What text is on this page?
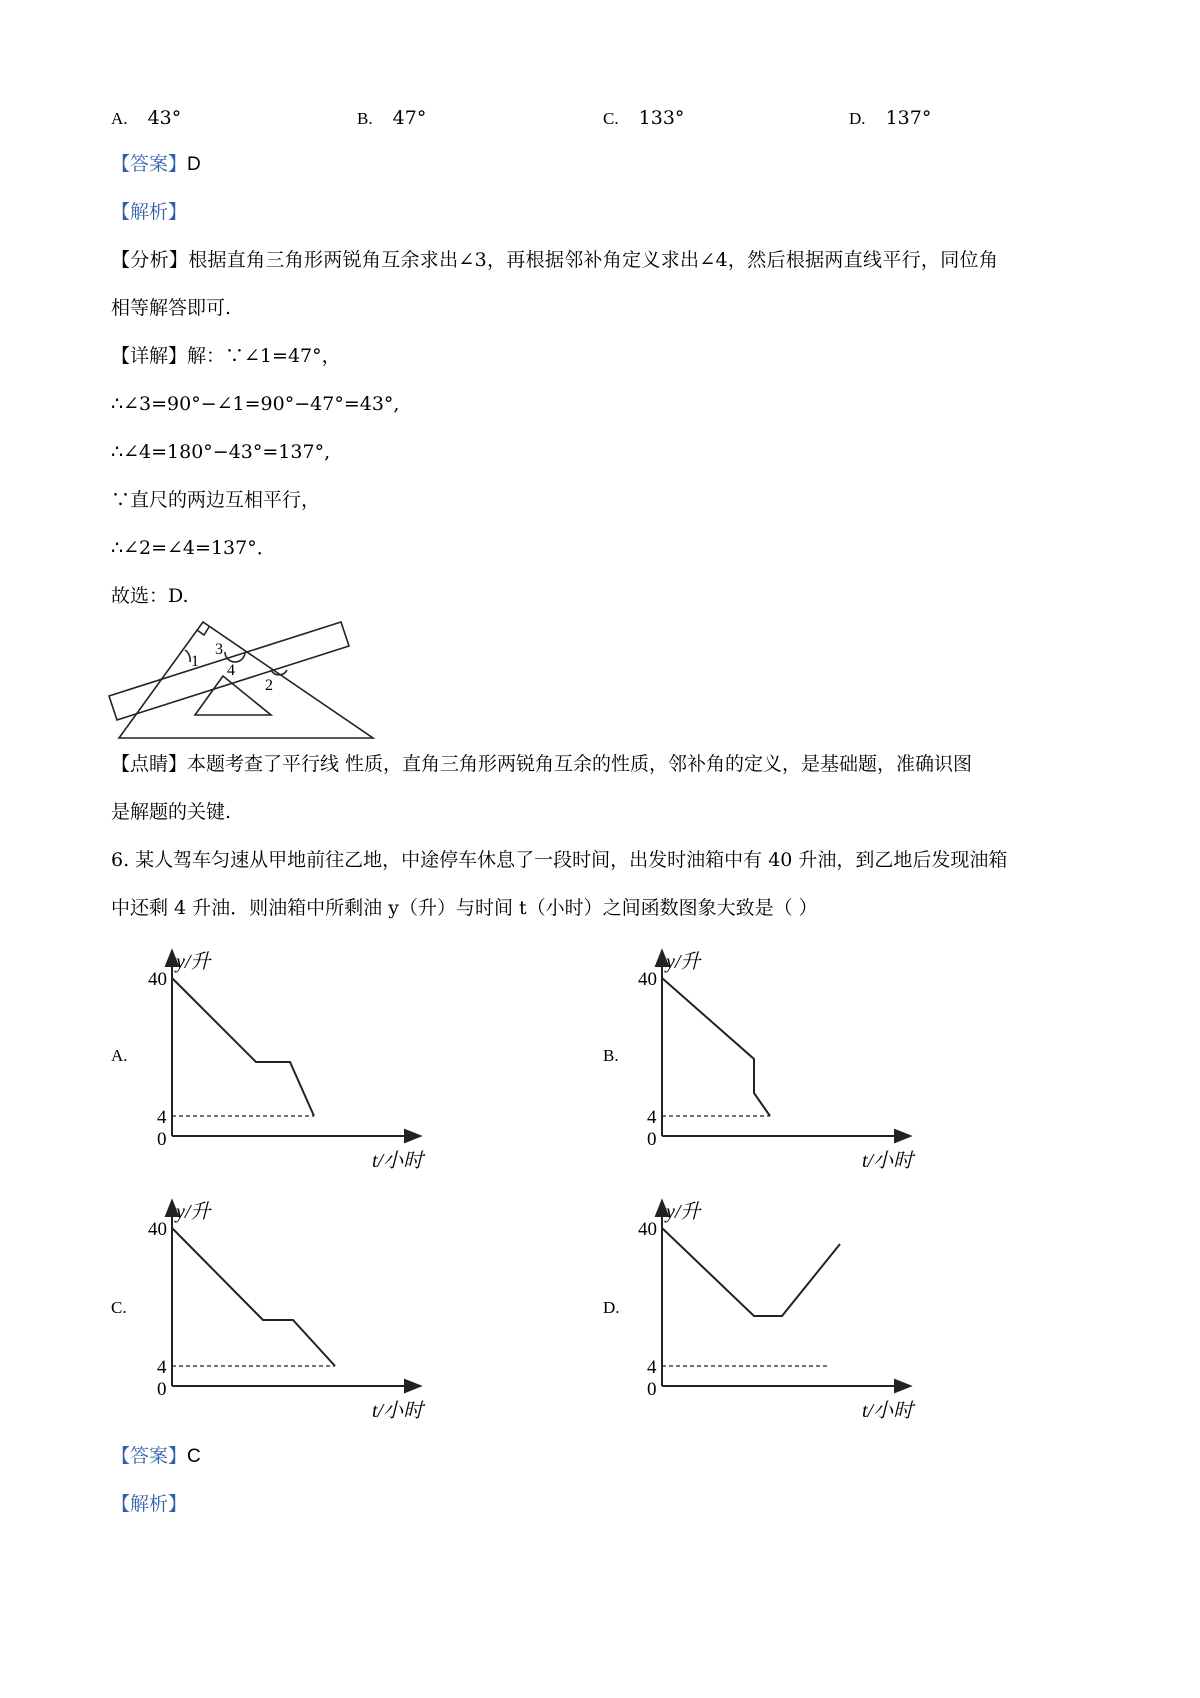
A. 43°	B. 47°	C. 133°	D. 137°
【答案】D
【解析】
【分析】根据直角三角形两锐角互余求出∠3，再根据邻补角定义求出∠4，然后根据两直线平行，同位角
相等解答即可.
【详解】解：∵∠1=47°，
∴∠3=90°−∠1=90°−47°=43°,
∴∠4=180°−43°=137°,
∵直尺的两边互相平行，
∴∠2=∠4=137°．
故选：D.
1
3
4
2
【点睛】本题考查了平行线 性质，直角三角形两锐角互余的性质，邻补角的定义，是基础题，准确识图
是解题的关键.
6. 某人驾车匀速从甲地前往乙地，中途停车休息了一段时间，出发时油箱中有 40 升油，到乙地后发现油箱
中还剩 4 升油．则油箱中所剩油 y（升）与时间 t（小时）之间函数图象大致是（ ）
A.
y/升
40
4
0
t/小时
B.
y/升
40
4
0
t/小时
C.
y/升
40
4
0
t/小时
D.
y/升
40
4
0
t/小时
【答案】C
【解析】
